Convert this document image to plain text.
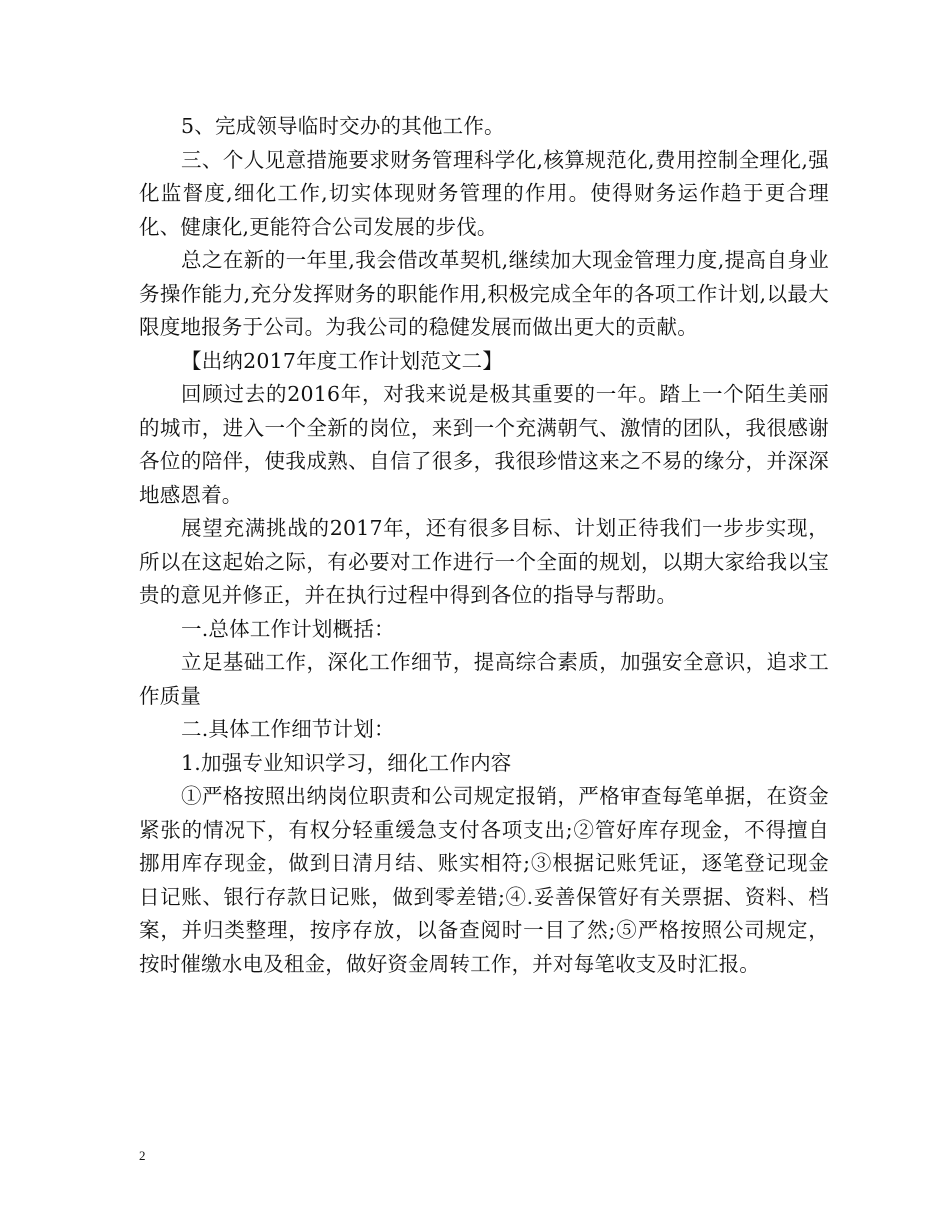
5、完成领导临时交办的其他工作。

三、个人见意措施要求财务管理科学化,核算规范化,费用控制全理化,强化监督度,细化工作,切实体现财务管理的作用。使得财务运作趋于更合理化、健康化,更能符合公司发展的步伐。

总之在新的一年里,我会借改革契机,继续加大现金管理力度,提高自身业务操作能力,充分发挥财务的职能作用,积极完成全年的各项工作计划,以最大限度地报务于公司。为我公司的稳健发展而做出更大的贡献。

【出纳2017年度工作计划范文二】

回顾过去的2016年，对我来说是极其重要的一年。踏上一个陌生美丽的城市，进入一个全新的岗位，来到一个充满朝气、激情的团队，我很感谢各位的陪伴，使我成熟、自信了很多，我很珍惜这来之不易的缘分，并深深地感恩着。

展望充满挑战的2017年，还有很多目标、计划正待我们一步步实现，所以在这起始之际，有必要对工作进行一个全面的规划，以期大家给我以宝贵的意见并修正，并在执行过程中得到各位的指导与帮助。

一.总体工作计划概括：

立足基础工作，深化工作细节，提高综合素质，加强安全意识，追求工作质量

二.具体工作细节计划：

1.加强专业知识学习，细化工作内容

①严格按照出纳岗位职责和公司规定报销，严格审查每笔单据，在资金紧张的情况下，有权分轻重缓急支付各项支出;②管好库存现金，不得擅自挪用库存现金，做到日清月结、账实相符;③根据记账凭证，逐笔登记现金日记账、银行存款日记账，做到零差错;④.妥善保管好有关票据、资料、档案，并归类整理，按序存放，以备查阅时一目了然;⑤严格按照公司规定，按时催缴水电及租金，做好资金周转工作，并对每笔收支及时汇报。

2
